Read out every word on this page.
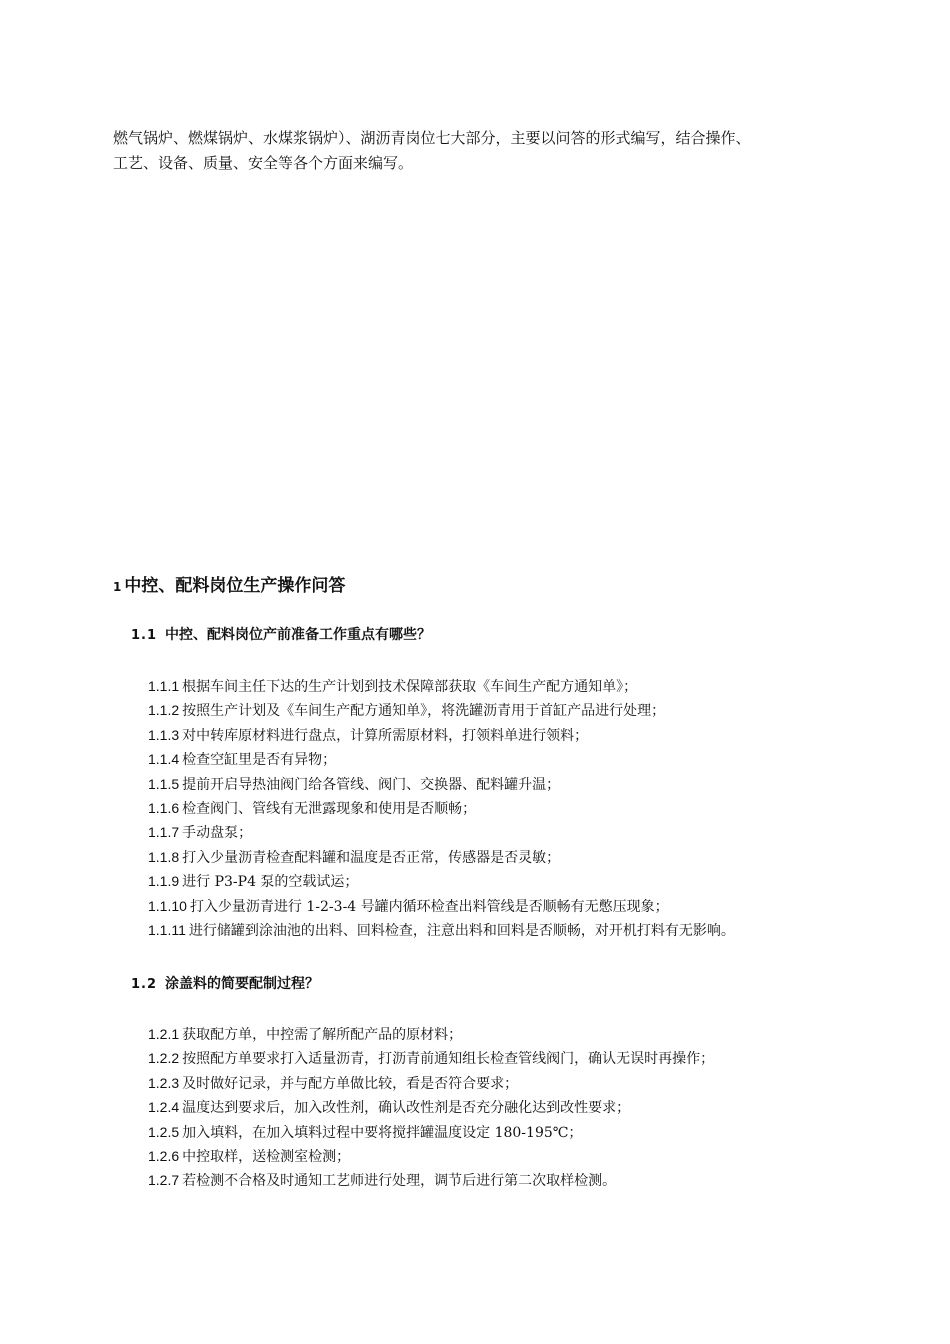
燃气锅炉、燃煤锅炉、水煤浆锅炉）、湖沥青岗位七大部分，主要以问答的形式编写，结合操作、

工艺、设备、质量、安全等各个方面来编写。

1 中控、配料岗位生产操作问答
1.1 中控、配料岗位产前准备工作重点有哪些？
1.1.1 根据车间主任下达的生产计划到技术保障部获取《车间生产配方通知单》；
1.1.2 按照生产计划及《车间生产配方通知单》，将洗罐沥青用于首缸产品进行处理；
1.1.3 对中转库原材料进行盘点，计算所需原材料，打领料单进行领料；
1.1.4 检查空缸里是否有异物；
1.1.5 提前开启导热油阀门给各管线、阀门、交换器、配料罐升温；
1.1.6 检查阀门、管线有无泄露现象和使用是否顺畅；
1.1.7 手动盘泵；
1.1.8 打入少量沥青检查配料罐和温度是否正常，传感器是否灵敏；
1.1.9 进行 P3-P4 泵的空载试运；
1.1.10 打入少量沥青进行 1-2-3-4 号罐内循环检查出料管线是否顺畅有无憋压现象；
1.1.11 进行储罐到涂油池的出料、回料检查，注意出料和回料是否顺畅，对开机打料有无影响。
1.2 涂盖料的简要配制过程？
1.2.1 获取配方单，中控需了解所配产品的原材料；
1.2.2 按照配方单要求打入适量沥青，打沥青前通知组长检查管线阀门，确认无误时再操作；
1.2.3 及时做好记录，并与配方单做比较，看是否符合要求；
1.2.4 温度达到要求后，加入改性剂，确认改性剂是否充分融化达到改性要求；
1.2.5 加入填料，在加入填料过程中要将搅拌罐温度设定 180-195℃；
1.2.6 中控取样，送检测室检测；
1.2.7 若检测不合格及时通知工艺师进行处理，调节后进行第二次取样检测。
